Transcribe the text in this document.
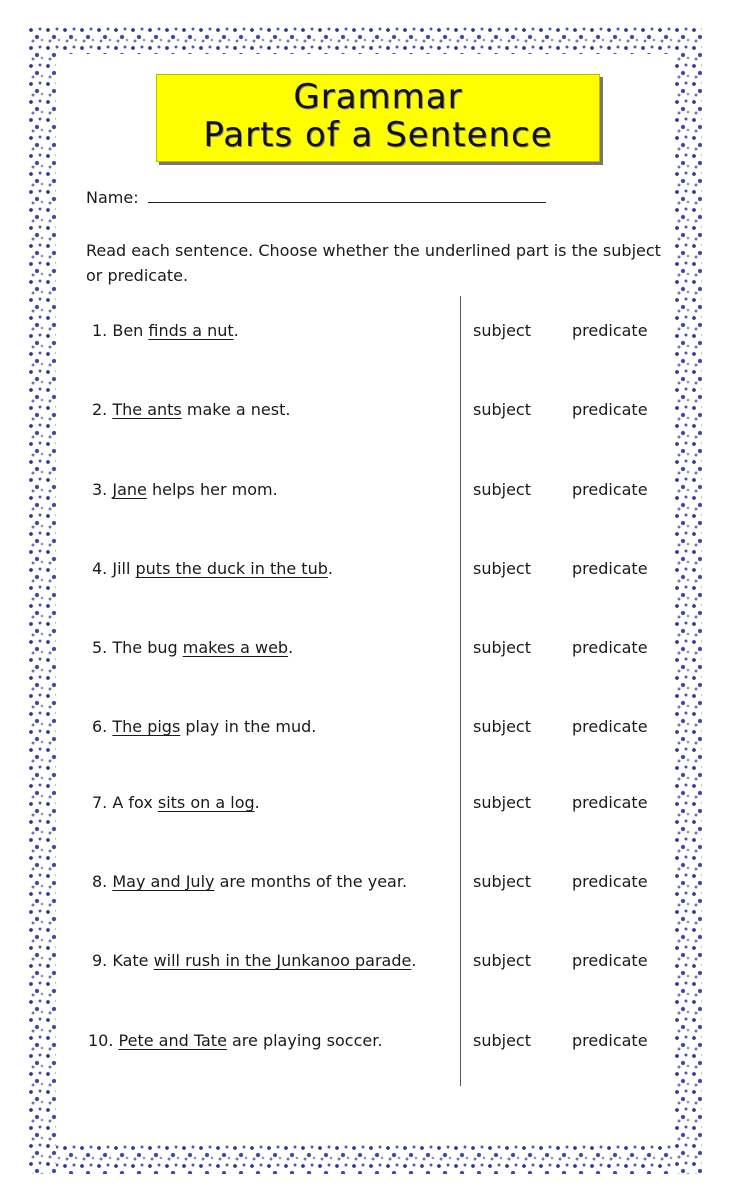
Grammar
Parts of a Sentence
Name:
Read each sentence. Choose whether the underlined part is the subject or predicate.
1. Ben finds a nut.	subject	predicate
2. The ants make a nest.	subject	predicate
3. Jane helps her mom.	subject	predicate
4. Jill puts the duck in the tub.	subject	predicate
5. The bug makes a web.	subject	predicate
6. The pigs play in the mud.	subject	predicate
7. A fox sits on a log.	subject	predicate
8. May and July are months of the year.	subject	predicate
9. Kate will rush in the Junkanoo parade.	subject	predicate
10. Pete and Tate are playing soccer.	subject	predicate
